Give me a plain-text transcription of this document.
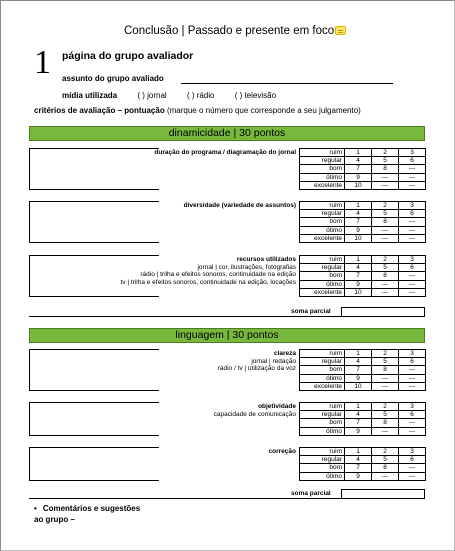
Conclusão | Passado e presente em foco
1 página do grupo avaliador
assunto do grupo avaliado
mídia utilizada	( ) jornal	( ) rádio	( ) televisão
critérios de avaliação – pontuação (marque o número que corresponde a seu julgamento)
dinamicidade | 30 pontos
duração do programa / diagramação do jornal	ruim	1	2	3
regular	4	5	6
bom	7	8	---
ótimo	9	---	---
excelente	10	---	---
diversidade (variedade de assuntos)	ruim	1	2	3
regular	4	5	6
bom	7	8	---
ótimo	9	---	---
excelente	10	---	---
recursos utilizados
jornal | cor, ilustrações, fotografias
rádio | trilha e efeitos sonoros, continuidade na edição
tv | trilha e efeitos sonoros, continuidade na edição, locações
ruim	1	2	3
regular	4	5	6
bom	7	8	---
ótimo	9	---	---
excelente	10	---	---
soma parcial
linguagem | 30 pontos
clareza
jornal | redação
rádio / tv | utilização da voz
ruim	1	2	3
regular	4	5	6
bom	7	8	---
ótimo	9	---	---
excelente	10	---	---
objetividade
capacidade de comunicação
ruim	1	2	3
regular	4	5	6
bom	7	8	---
ótimo	9	---	---
correção	ruim	1	2	3
regular	4	5	6
bom	7	8	---
ótimo	9	---	---
soma parcial
• Comentários e sugestões
ao grupo –
